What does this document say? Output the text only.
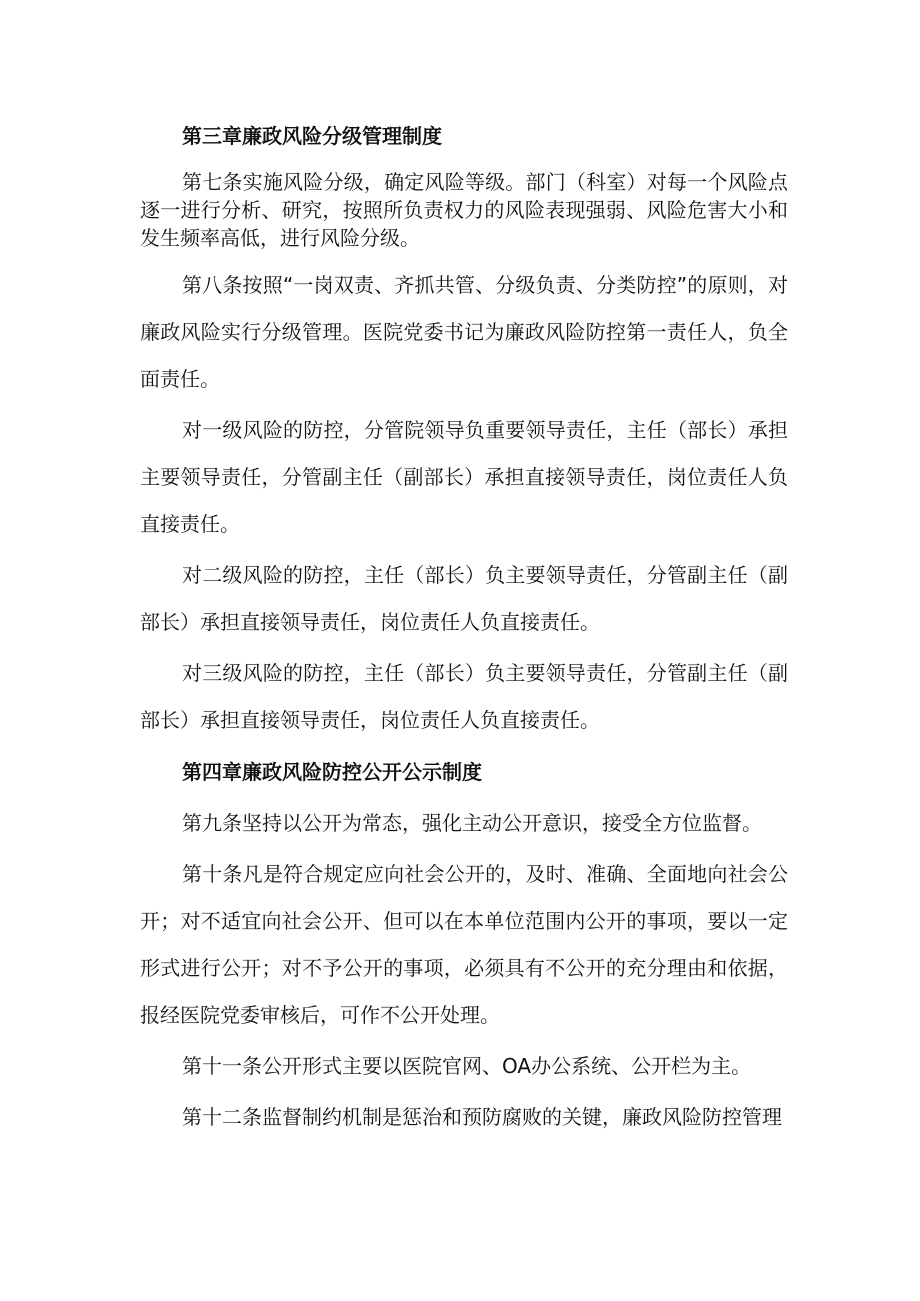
第三章廉政风险分级管理制度

第七条实施风险分级，确定风险等级。部门（科室）对每一个风险点逐一进行分析、研究，按照所负责权力的风险表现强弱、风险危害大小和发生频率高低，进行风险分级。

第八条按照“一岗双责、齐抓共管、分级负责、分类防控”的原则，对廉政风险实行分级管理。医院党委书记为廉政风险防控第一责任人，负全面责任。

对一级风险的防控，分管院领导负重要领导责任，主任（部长）承担主要领导责任，分管副主任（副部长）承担直接领导责任，岗位责任人负直接责任。

对二级风险的防控，主任（部长）负主要领导责任，分管副主任（副部长）承担直接领导责任，岗位责任人负直接责任。

对三级风险的防控，主任（部长）负主要领导责任，分管副主任（副部长）承担直接领导责任，岗位责任人负直接责任。

第四章廉政风险防控公开公示制度

第九条坚持以公开为常态，强化主动公开意识，接受全方位监督。

第十条凡是符合规定应向社会公开的，及时、准确、全面地向社会公开；对不适宜向社会公开、但可以在本单位范围内公开的事项，要以一定形式进行公开；对不予公开的事项，必须具有不公开的充分理由和依据，报经医院党委审核后，可作不公开处理。

第十一条公开形式主要以医院官网、OA办公系统、公开栏为主。

第十二条监督制约机制是惩治和预防腐败的关键，廉政风险防控管理
